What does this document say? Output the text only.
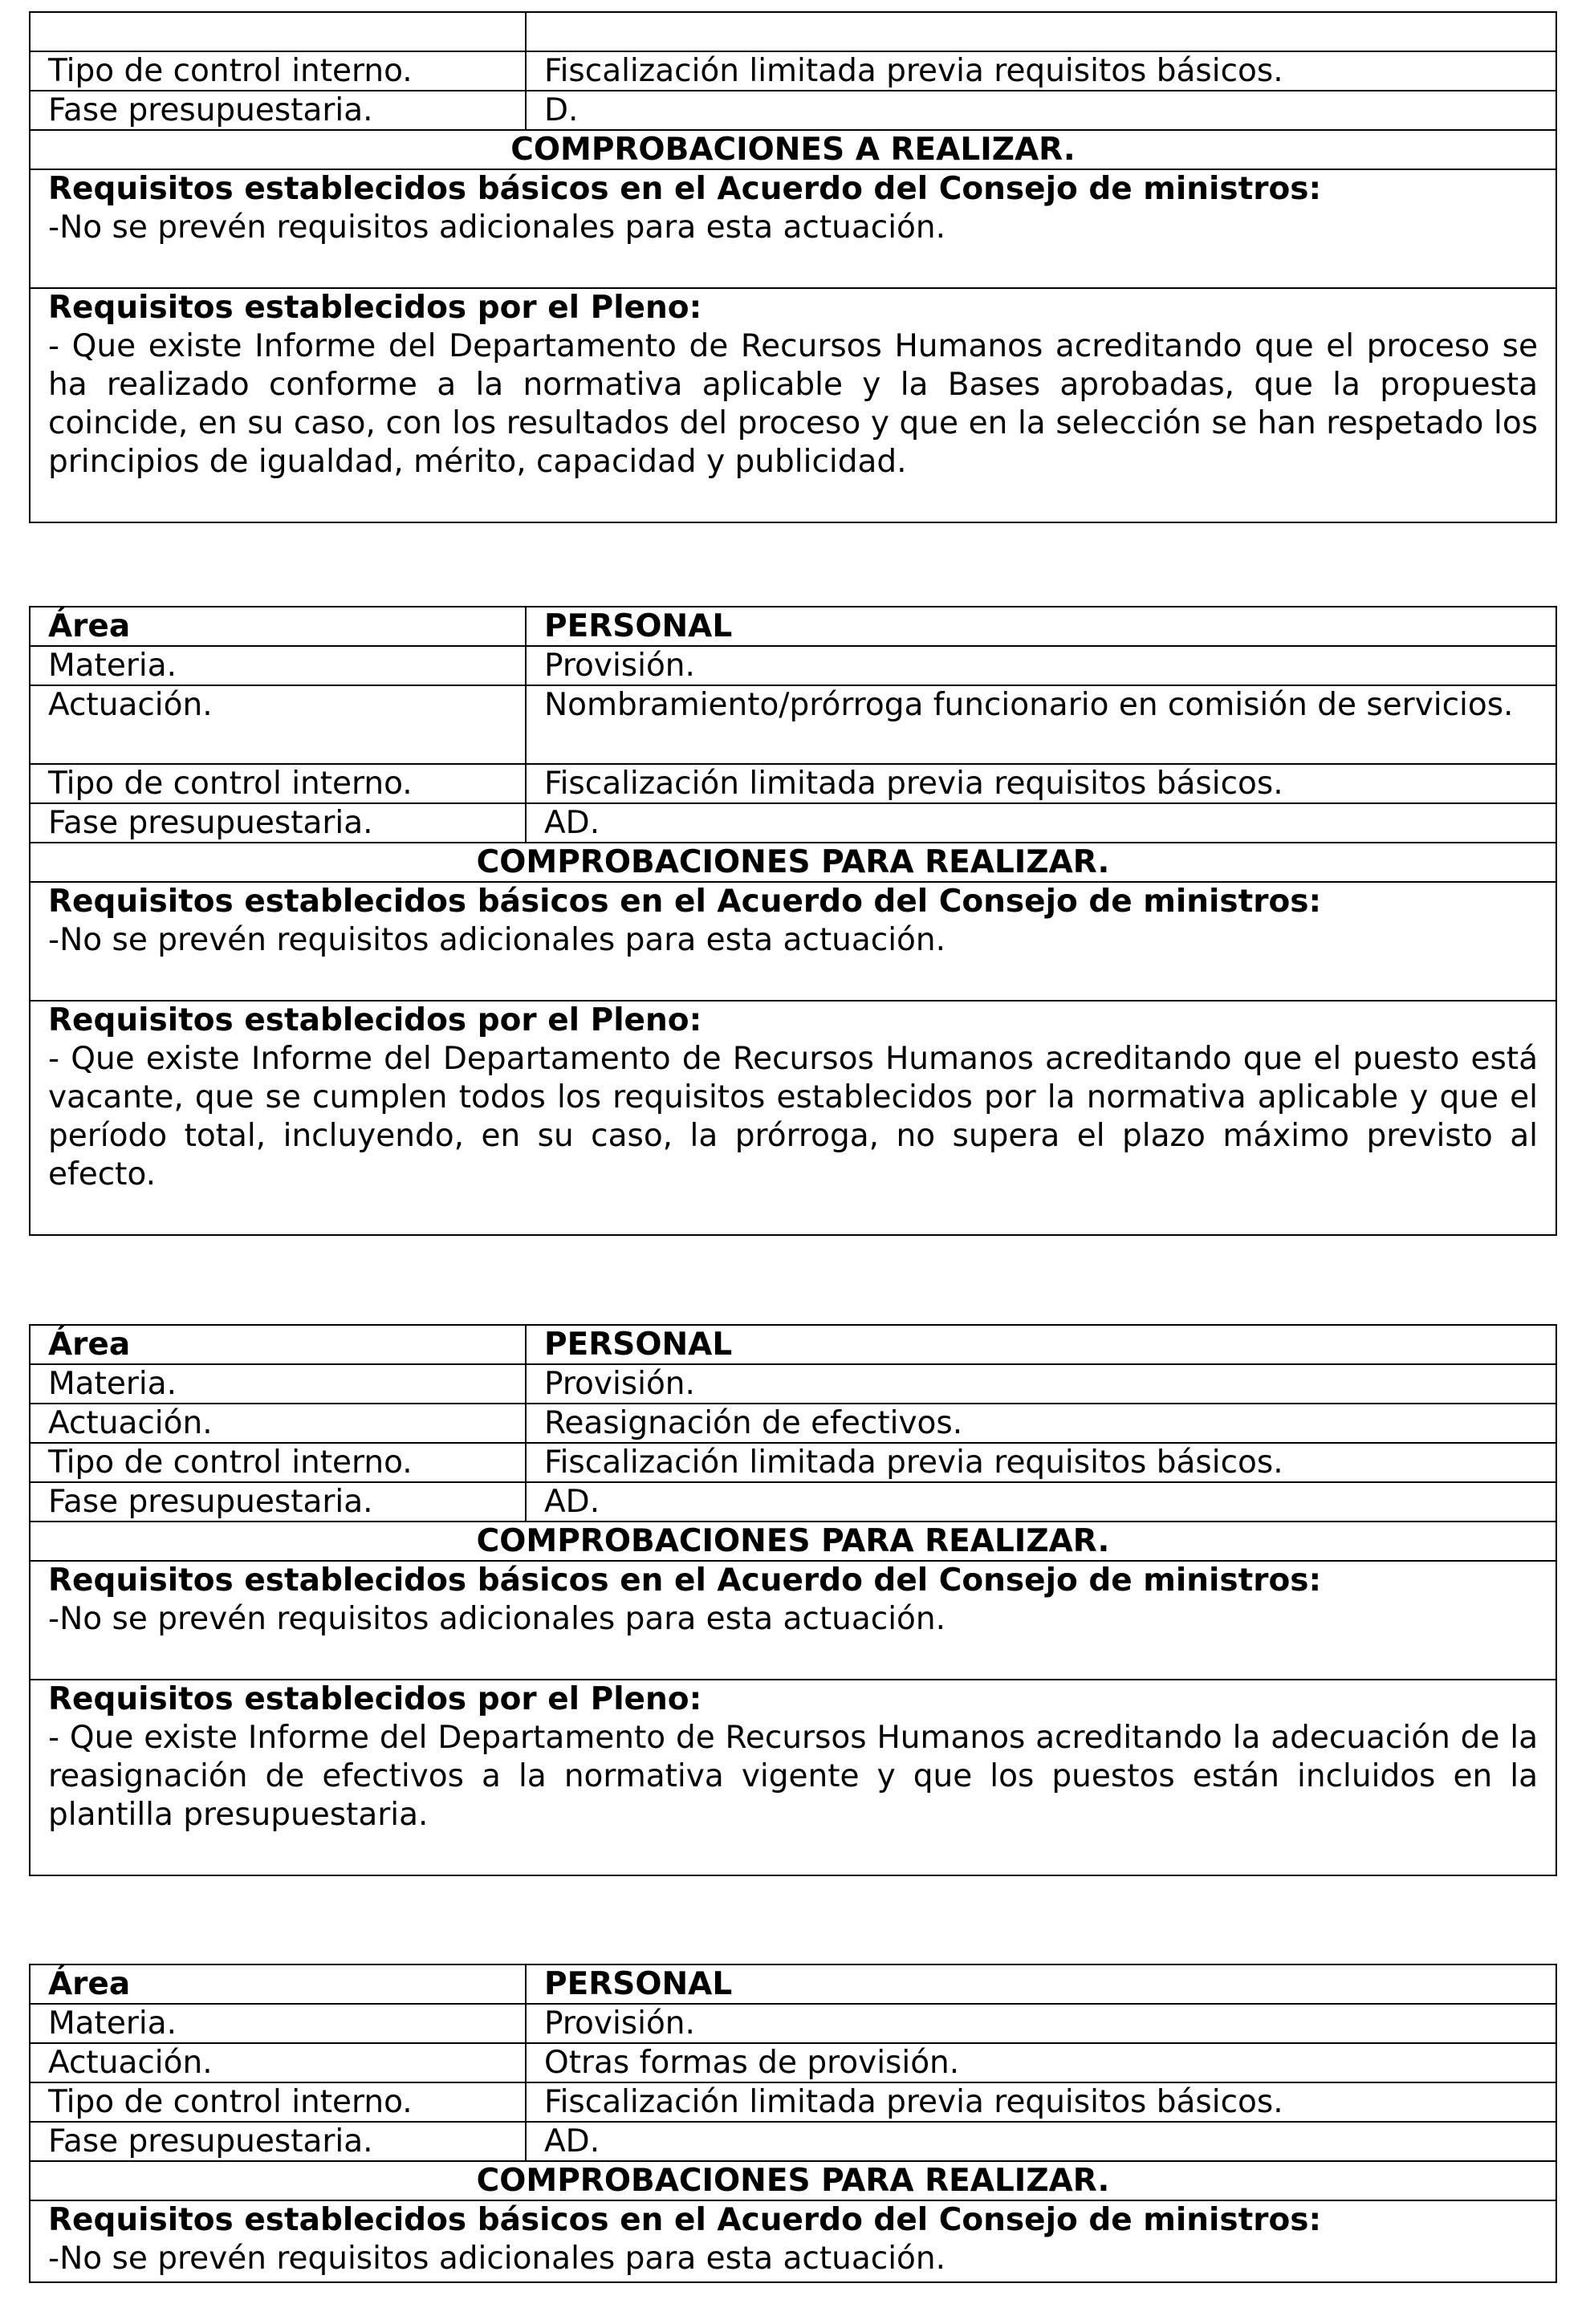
Tipo de control interno.	Fiscalización limitada previa requisitos básicos.
Fase presupuestaria.	D.
COMPROBACIONES A REALIZAR.
Requisitos establecidos básicos en el Acuerdo del Consejo de ministros:
-No se prevén requisitos adicionales para esta actuación.
Requisitos establecidos por el Pleno:
- Que existe Informe del Departamento de Recursos Humanos acreditando que el proceso se ha realizado conforme a la normativa aplicable y la Bases aprobadas, que la propuesta coincide, en su caso, con los resultados del proceso y que en la selección se han respetado los principios de igualdad, mérito, capacidad y publicidad.
Área	PERSONAL
Materia.	Provisión.
Actuación.	Nombramiento/prórroga funcionario en comisión de servicios.
Tipo de control interno.	Fiscalización limitada previa requisitos básicos.
Fase presupuestaria.	AD.
COMPROBACIONES PARA REALIZAR.
Requisitos establecidos básicos en el Acuerdo del Consejo de ministros:
-No se prevén requisitos adicionales para esta actuación.
Requisitos establecidos por el Pleno:
- Que existe Informe del Departamento de Recursos Humanos acreditando que el puesto está vacante, que se cumplen todos los requisitos establecidos por la normativa aplicable y que el período total, incluyendo, en su caso, la prórroga, no supera el plazo máximo previsto al efecto.
Área	PERSONAL
Materia.	Provisión.
Actuación.	Reasignación de efectivos.
Tipo de control interno.	Fiscalización limitada previa requisitos básicos.
Fase presupuestaria.	AD.
COMPROBACIONES PARA REALIZAR.
Requisitos establecidos básicos en el Acuerdo del Consejo de ministros:
-No se prevén requisitos adicionales para esta actuación.
Requisitos establecidos por el Pleno:
- Que existe Informe del Departamento de Recursos Humanos acreditando la adecuación de la reasignación de efectivos a la normativa vigente y que los puestos están incluidos en la plantilla presupuestaria.
Área	PERSONAL
Materia.	Provisión.
Actuación.	Otras formas de provisión.
Tipo de control interno.	Fiscalización limitada previa requisitos básicos.
Fase presupuestaria.	AD.
COMPROBACIONES PARA REALIZAR.
Requisitos establecidos básicos en el Acuerdo del Consejo de ministros:
-No se prevén requisitos adicionales para esta actuación.
